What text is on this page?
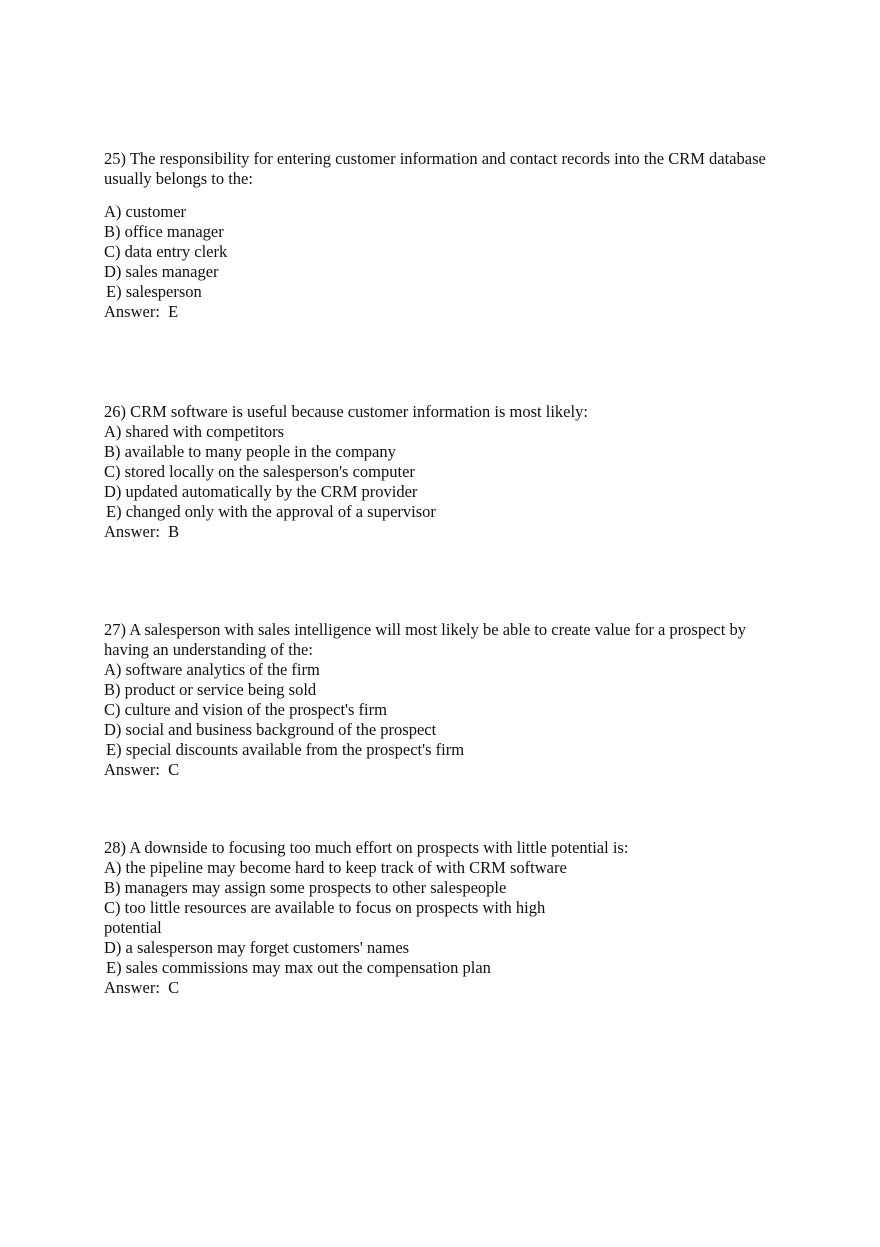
25) The responsibility for entering customer information and contact records into the CRM database usually belongs to the:

A) customer

B) office manager

C) data entry clerk

D) sales manager

E) salesperson

Answer:  E

26) CRM software is useful because customer information is most likely:

A) shared with competitors

B) available to many people in the company

C) stored locally on the salesperson's computer

D) updated automatically by the CRM provider

E) changed only with the approval of a supervisor

Answer:  B

27) A salesperson with sales intelligence will most likely be able to create value for a prospect by having an understanding of the:

A) software analytics of the firm

B) product or service being sold

C) culture and vision of the prospect's firm

D) social and business background of the prospect

E) special discounts available from the prospect's firm

Answer:  C

28) A downside to focusing too much effort on prospects with little potential is:

A) the pipeline may become hard to keep track of with CRM software

B) managers may assign some prospects to other salespeople

C) too little resources are available to focus on prospects with high potential

D) a salesperson may forget customers' names

E) sales commissions may max out the compensation plan

Answer:  C
